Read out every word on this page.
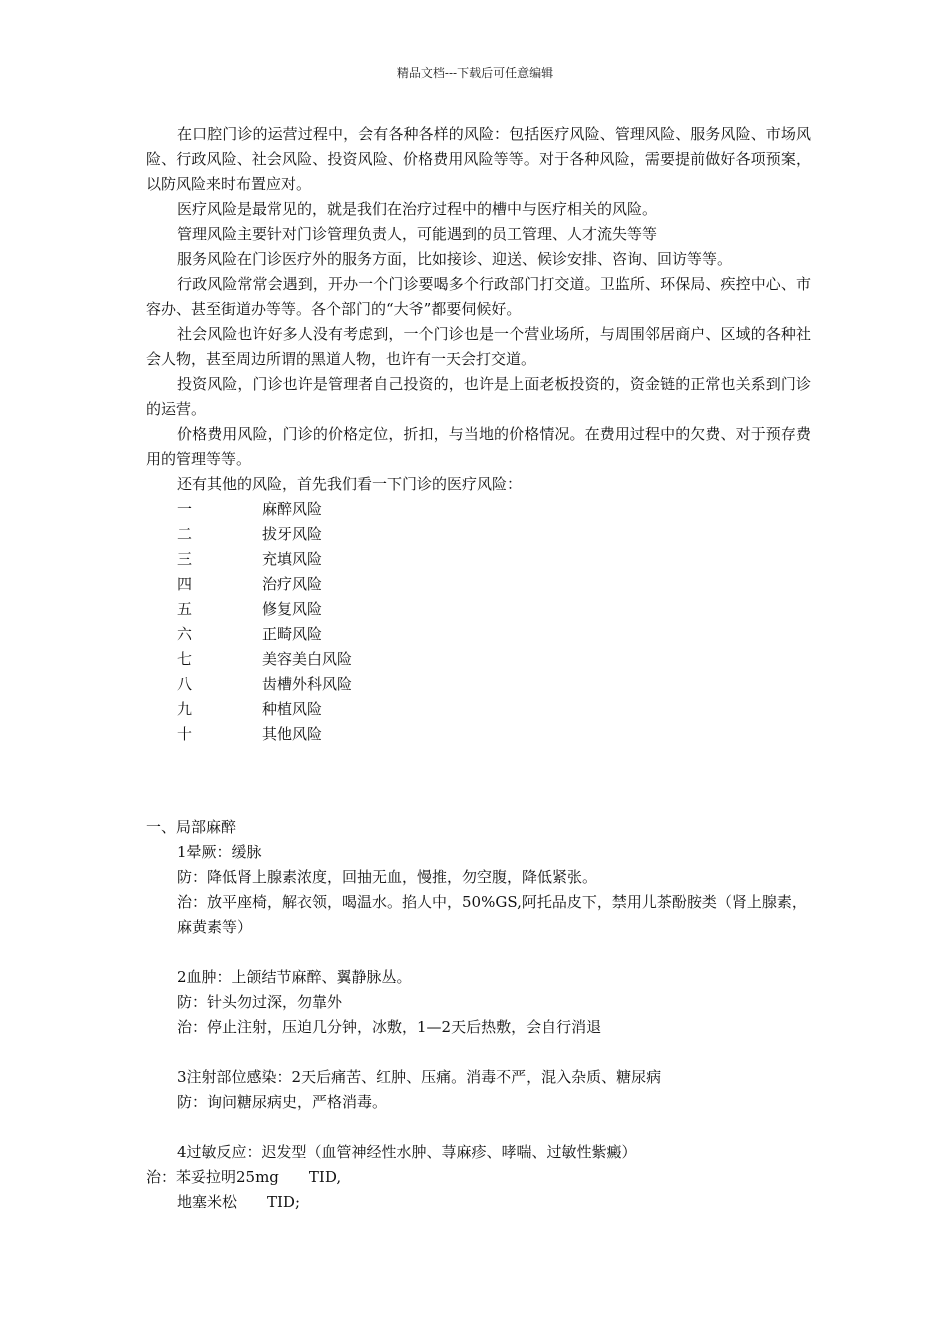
精品文档---下载后可任意编辑

在口腔门诊的运营过程中，会有各种各样的风险：包括医疗风险、管理风险、服务风险、市场风险、行政风险、社会风险、投资风险、价格费用风险等等。对于各种风险，需要提前做好各项预案，以防风险来时布置应对。

医疗风险是最常见的，就是我们在治疗过程中的槽中与医疗相关的风险。

管理风险主要针对门诊管理负责人，可能遇到的员工管理、人才流失等等

服务风险在门诊医疗外的服务方面，比如接诊、迎送、候诊安排、咨询、回访等等。

行政风险常常会遇到，开办一个门诊要喝多个行政部门打交道。卫监所、环保局、疾控中心、市容办、甚至街道办等等。各个部门的“大爷”都要伺候好。

社会风险也许好多人没有考虑到，一个门诊也是一个营业场所，与周围邻居商户、区域的各种社会人物，甚至周边所谓的黑道人物，也许有一天会打交道。

投资风险，门诊也许是管理者自己投资的，也许是上面老板投资的，资金链的正常也关系到门诊的运营。

价格费用风险，门诊的价格定位，折扣，与当地的价格情况。在费用过程中的欠费、对于预存费用的管理等等。

还有其他的风险，首先我们看一下门诊的医疗风险：

一	麻醉风险
二	拔牙风险
三	充填风险
四	治疗风险
五	修复风险
六	正畸风险
七	美容美白风险
八	齿槽外科风险
九	种植风险
十	其他风险

一、局部麻醉

1晕厥：缓脉

防：降低肾上腺素浓度，回抽无血，慢推，勿空腹，降低紧张。

治：放平座椅，解衣领，喝温水。掐人中，50%GS,阿托品皮下，禁用儿茶酚胺类（肾上腺素，麻黄素等）

2血肿：上颌结节麻醉、翼静脉丛。

防：针头勿过深，勿靠外

治：停止注射，压迫几分钟，冰敷，1—2天后热敷，会自行消退

3注射部位感染：2天后痛苦、红肿、压痛。消毒不严，混入杂质、糖尿病

防：询问糖尿病史，严格消毒。

4过敏反应：迟发型（血管神经性水肿、荨麻疹、哮喘、过敏性紫癜）

治：苯妥拉明25mg　　TID,

地塞米松　　TID;
